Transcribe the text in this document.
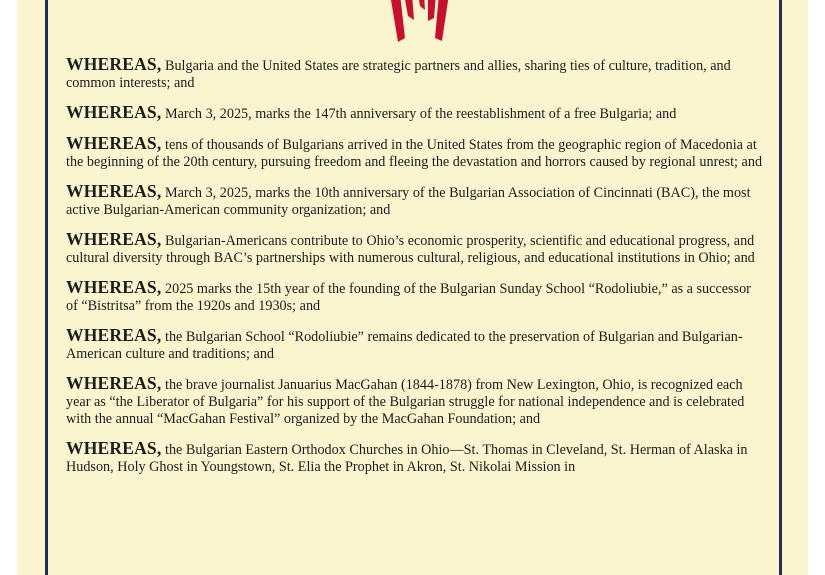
WHEREAS, Bulgaria and the United States are strategic partners and allies, sharing ties of culture, tradition, and common interests; and

WHEREAS, March 3, 2025, marks the 147th anniversary of the reestablishment of a free Bulgaria; and

WHEREAS, tens of thousands of Bulgarians arrived in the United States from the geographic region of Macedonia at the beginning of the 20th century, pursuing freedom and fleeing the devastation and horrors caused by regional unrest; and

WHEREAS, March 3, 2025, marks the 10th anniversary of the Bulgarian Association of Cincinnati (BAC), the most active Bulgarian-American community organization; and

WHEREAS, Bulgarian-Americans contribute to Ohio’s economic prosperity, scientific and educational progress, and cultural diversity through BAC’s partnerships with numerous cultural, religious, and educational institutions in Ohio; and

WHEREAS, 2025 marks the 15th year of the founding of the Bulgarian Sunday School “Rodoliubie,” as a successor of “Bistritsa” from the 1920s and 1930s; and

WHEREAS, the Bulgarian School “Rodoliubie” remains dedicated to the preservation of Bulgarian and Bulgarian-American culture and traditions; and

WHEREAS, the brave journalist Januarius MacGahan (1844-1878) from New Lexington, Ohio, is recognized each year as “the Liberator of Bulgaria” for his support of the Bulgarian struggle for national independence and is celebrated with the annual “MacGahan Festival” organized by the MacGahan Foundation; and

WHEREAS, the Bulgarian Eastern Orthodox Churches in Ohio—St. Thomas in Cleveland, St. Herman of Alaska in Hudson, Holy Ghost in Youngstown, St. Elia the Prophet in Akron, St. Nikolai Mission in
